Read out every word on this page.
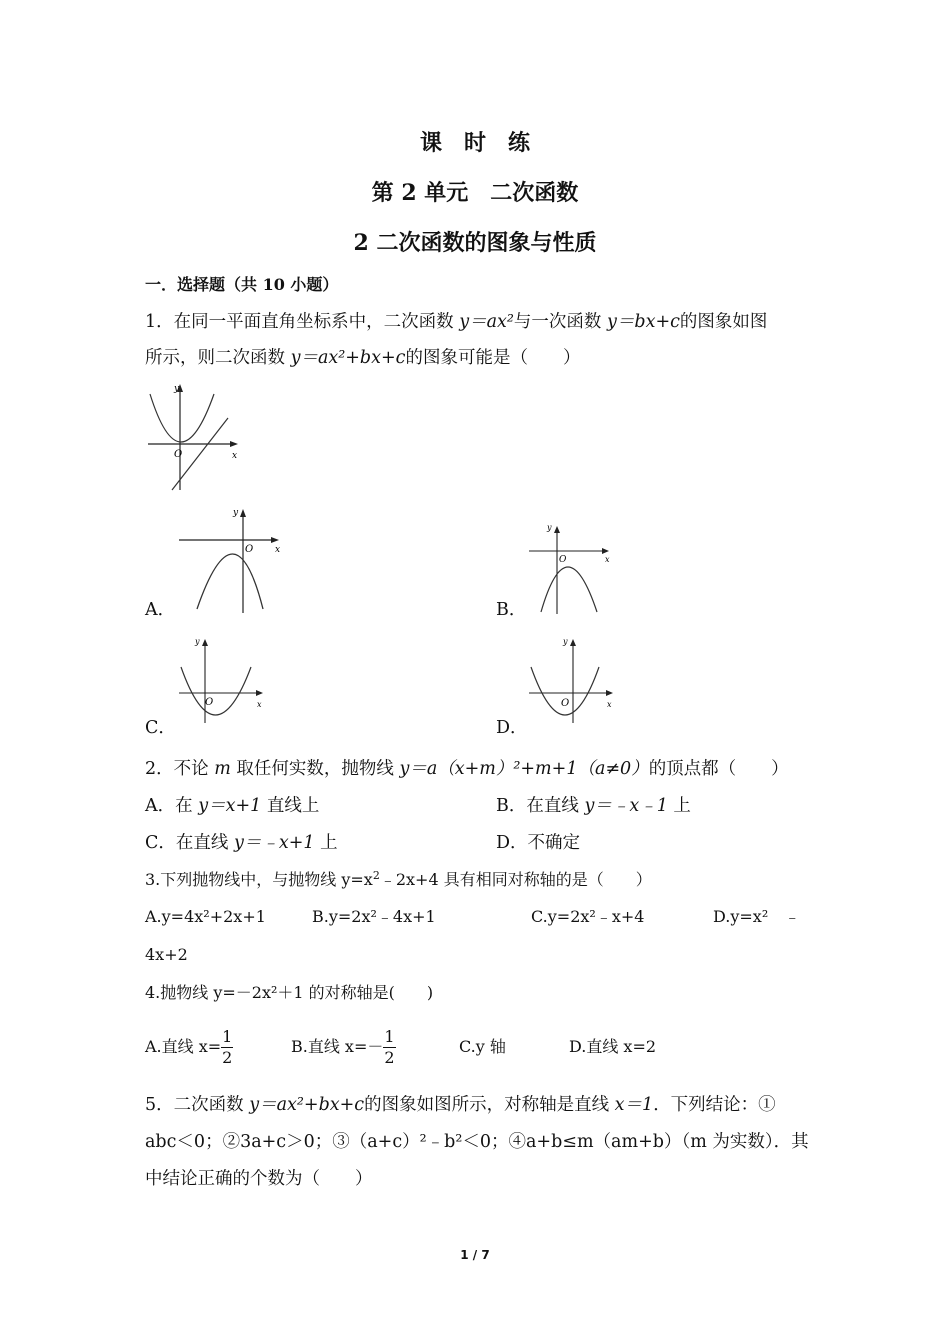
课　时　练
第 2 单元　二次函数
2 二次函数的图象与性质
一．选择题（共 10 小题）
1．在同一平面直角坐标系中，二次函数 y＝ax²与一次函数 y＝bx+c的图象如图
所示，则二次函数 y＝ax²+bx+c的图象可能是（　　）
O	x
y
A．
O x
y
B．
O	x
y
C．
O	x
y
D．
O	x
y
2．不论 m 取任何实数，抛物线 y＝a（x+m）²+m+1（a≠0）的顶点都（　　）
A．在 y＝x+1 直线上	B．在直线 y＝﹣x﹣1 上
C．在直线 y＝﹣x+1 上	D．不确定
3.下列抛物线中，与抛物线 $y=x^2﹣2x+4$ 具有相同对称轴的是（　　）
A.y=4x²+2x+1	B.y=2x²﹣4x+1	C.y=2x²﹣x+4	D.y=x²　﹣
4x+2
4.抛物线 y=－2x²＋1 的对称轴是(　　)
A.直线 $x= \frac{1}{2}$	B.直线 $x=- \frac{1}{2}$	C.y 轴	D.直线 x=2
5．二次函数 y＝ax²+bx+c的图象如图所示，对称轴是直线 x＝1．下列结论：①
abc＜0；②3a+c＞0；③（a+c）²﹣b²＜0；④a+b≤m（am+b）（m 为实数）．其
中结论正确的个数为（　　）
1 / 7
